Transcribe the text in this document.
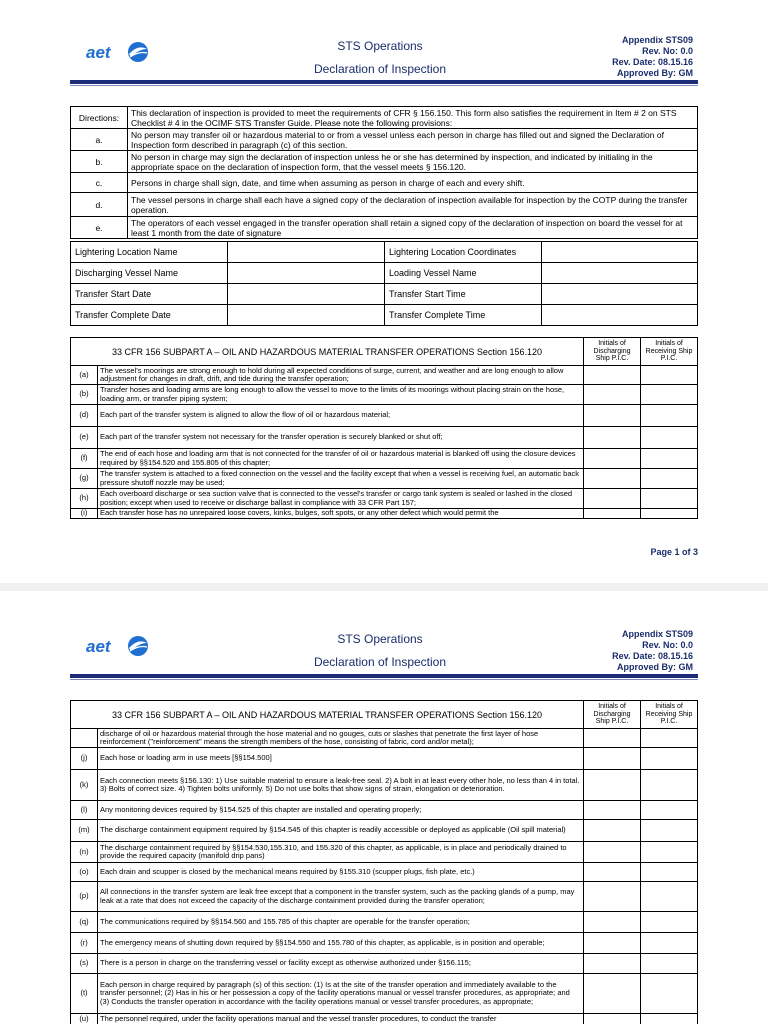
aet	STS Operations
Declaration of Inspection
Appendix STS09
Rev. No: 0.0
Rev. Date: 08.15.16
Approved By: GM
Directions:	This declaration of inspection is provided to meet the requirements of CFR § 156.150. This form also satisfies the requirement in Item # 2 on STS Checklist # 4 in the OCIMF STS Transfer Guide. Please note the following provisions:
a.	No person may transfer oil or hazardous material to or from a vessel unless each person in charge has filled out and signed the Declaration of Inspection form described in paragraph (c) of this section.
b.	No person in charge may sign the declaration of inspection unless he or she has determined by inspection, and indicated by initialing in the appropriate space on the declaration of inspection form, that the vessel meets § 156.120.
c.	Persons in charge shall sign, date, and time when assuming as person in charge of each and every shift.
d.	The vessel persons in charge shall each have a signed copy of the declaration of inspection available for inspection by the COTP during the transfer operation.
e.	The operators of each vessel engaged in the transfer operation shall retain a signed copy of the declaration of inspection on board the vessel for at least 1 month from the date of signature
Lightering Location Name		Lightering Location Coordinates	
Discharging Vessel Name		Loading Vessel Name	
Transfer Start Date		Transfer Start Time	
Transfer Complete Date		Transfer Complete Time	
33 CFR 156 SUBPART A – OIL AND HAZARDOUS MATERIAL TRANSFER OPERATIONS Section 156.120		Initials of Discharging Ship P.I.C.	Initials of Receiving Ship P.I.C.
(a)	The vessel's moorings are strong enough to hold during all expected conditions of surge, current, and weather and are long enough to allow adjustment for changes in draft, drift, and tide during the transfer operation;		
(b)	Transfer hoses and loading arms are long enough to allow the vessel to move to the limits of its moorings without placing strain on the hose, loading arm, or transfer piping system;		
(d)	Each part of the transfer system is aligned to allow the flow of oil or hazardous material;		
(e)	Each part of the transfer system not necessary for the transfer operation is securely blanked or shut off;		
(f)	The end of each hose and loading arm that is not connected for the transfer of oil or hazardous material is blanked off using the closure devices required by §§154.520 and 155.805 of this chapter;		
(g)	The transfer system is attached to a fixed connection on the vessel and the facility except that when a vessel is receiving fuel, an automatic back pressure shutoff nozzle may be used;		
(h)	Each overboard discharge or sea suction valve that is connected to the vessel's transfer or cargo tank system is sealed or lashed in the closed position; except when used to receive or discharge ballast in compliance with 33 CFR Part 157;		
(i)	Each transfer hose has no unrepaired loose covers, kinks, bulges, soft spots, or any other defect which would permit the		
Page 1 of 3
aet	STS Operations
Declaration of Inspection
Appendix STS09
Rev. No: 0.0
Rev. Date: 08.15.16
Approved By: GM
33 CFR 156 SUBPART A – OIL AND HAZARDOUS MATERIAL TRANSFER OPERATIONS Section 156.120		Initials of Discharging Ship P.I.C.	Initials of Receiving Ship P.I.C.
	discharge of oil or hazardous material through the hose material and no gouges, cuts or slashes that penetrate the first layer of hose reinforcement ("reinforcement" means the strength members of the hose, consisting of fabric, cord and/or metal);		
(j)	Each hose or loading arm in use meets [§§154.500]		
(k)	Each connection meets §156.130: 1) Use suitable material to ensure a leak-free seal. 2) A bolt in at least every other hole, no less than 4 in total. 3) Bolts of correct size. 4) Tighten bolts uniformly. 5) Do not use bolts that show signs of strain, elongation or deterioration.		
(l)	Any monitoring devices required by §154.525 of this chapter are installed and operating properly;		
(m)	The discharge containment equipment required by §154.545 of this chapter is readily accessible or deployed as applicable (Oil spill material)		
(n)	The discharge containment required by §§154.530,155.310, and 155.320 of this chapter, as applicable, is in place and periodically drained to provide the required capacity (manifold drip pans)		
(o)	Each drain and scupper is closed by the mechanical means required by §155.310 (scupper plugs, fish plate, etc.)		
(p)	All connections in the transfer system are leak free except that a component in the transfer system, such as the packing glands of a pump, may leak at a rate that does not exceed the capacity of the discharge containment provided during the transfer operation;		
(q)	The communications required by §§154.560 and 155.785 of this chapter are operable for the transfer operation;		
(r)	The emergency means of shutting down required by §§154.550 and 155.780 of this chapter, as applicable, is in position and operable;		
(s)	There is a person in charge on the transferring vessel or facility except as otherwise authorized under §156.115;		
(t)	Each person in charge required by paragraph (s) of this section: (1) Is at the site of the transfer operation and immediately available to the transfer personnel; (2) Has in his or her possession a copy of the facility operations manual or vessel transfer procedures, as appropriate; and (3) Conducts the transfer operation in accordance with the facility operations manual or vessel transfer procedures, as appropriate;		
(u)	The personnel required, under the facility operations manual and the vessel transfer procedures, to conduct the transfer		
